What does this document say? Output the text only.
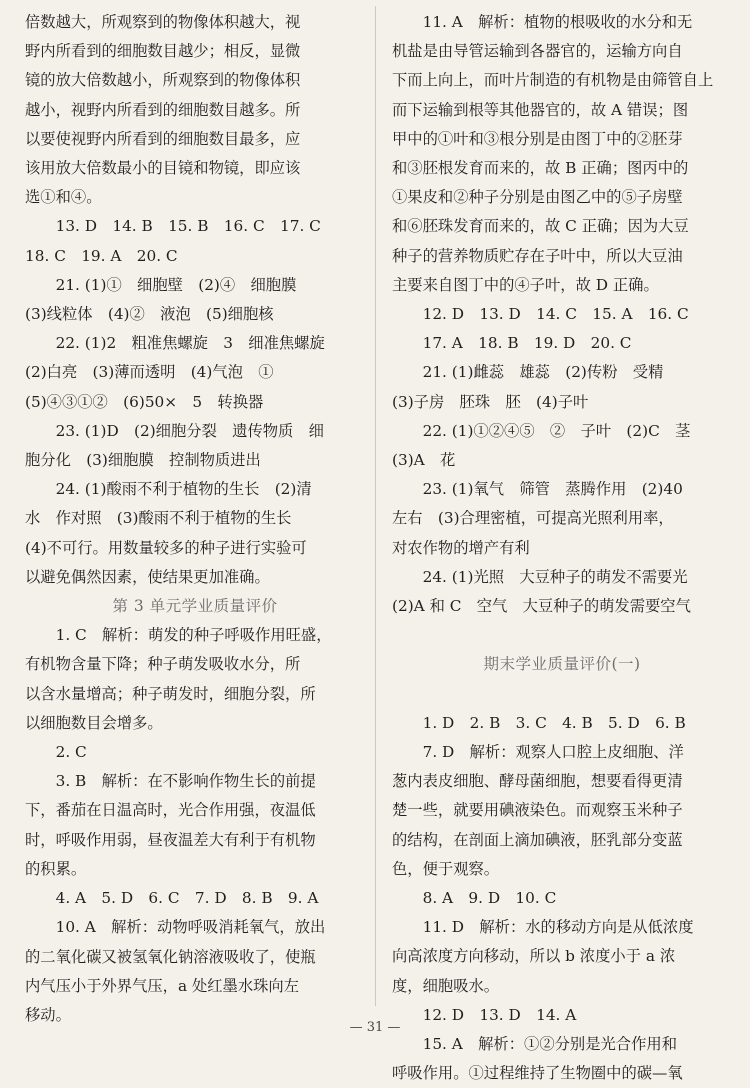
倍数越大，所观察到的物像体积越大，视

野内所看到的细胞数目越少；相反，显微

镜的放大倍数越小，所观察到的物像体积

越小，视野内所看到的细胞数目越多。所

以要使视野内所看到的细胞数目最多，应

该用放大倍数最小的目镜和物镜，即应该

选①和④。

13. D　14. B　15. B　16. C　17. C

18. C　19. A　20. C

21. (1)①　细胞壁　(2)④　细胞膜

(3)线粒体　(4)②　液泡　(5)细胞核

22. (1)2　粗准焦螺旋　3　细准焦螺旋

(2)白亮　(3)薄而透明　(4)气泡　①

(5)④③①②　(6)50×　5　转换器

23. (1)D　(2)细胞分裂　遗传物质　细

胞分化　(3)细胞膜　控制物质进出

24. (1)酸雨不利于植物的生长　(2)清

水　作对照　(3)酸雨不利于植物的生长

(4)不可行。用数量较多的种子进行实验可

以避免偶然因素，使结果更加准确。

第 3 单元学业质量评价

1. C　解析：萌发的种子呼吸作用旺盛，

有机物含量下降；种子萌发吸收水分，所

以含水量增高；种子萌发时，细胞分裂，所

以细胞数目会增多。

2. C

3. B　解析：在不影响作物生长的前提

下，番茄在日温高时，光合作用强，夜温低

时，呼吸作用弱，昼夜温差大有利于有机物

的积累。

4. A　5. D　6. C　7. D　8. B　9. A

10. A　解析：动物呼吸消耗氧气，放出

的二氧化碳又被氢氧化钠溶液吸收了，使瓶

内气压小于外界气压，a 处红墨水珠向左

移动。

11. A　解析：植物的根吸收的水分和无

机盐是由导管运输到各器官的，运输方向自

下而上向上，而叶片制造的有机物是由筛管自上

而下运输到根等其他器官的，故 A 错误；图

甲中的①叶和③根分别是由图丁中的②胚芽

和③胚根发育而来的，故 B 正确；图丙中的

①果皮和②种子分别是由图乙中的⑤子房壁

和⑥胚珠发育而来的，故 C 正确；因为大豆

种子的营养物质贮存在子叶中，所以大豆油

主要来自图丁中的④子叶，故 D 正确。

12. D　13. D　14. C　15. A　16. C

17. A　18. B　19. D　20. C

21. (1)雌蕊　雄蕊　(2)传粉　受精

(3)子房　胚珠　胚　(4)子叶

22. (1)①②④⑤　②　子叶　(2)C　茎

(3)A　花

23. (1)氧气　筛管　蒸腾作用　(2)40

左右　(3)合理密植，可提高光照利用率，

对农作物的增产有利

24. (1)光照　大豆种子的萌发不需要光

(2)A 和 C　空气　大豆种子的萌发需要空气

期末学业质量评价(一)

1. D　2. B　3. C　4. B　5. D　6. B

7. D　解析：观察人口腔上皮细胞、洋

葱内表皮细胞、酵母菌细胞，想要看得更清

楚一些，就要用碘液染色。而观察玉米种子

的结构，在剖面上滴加碘液，胚乳部分变蓝

色，便于观察。

8. A　9. D　10. C

11. D　解析：水的移动方向是从低浓度

向高浓度方向移动，所以 b 浓度小于 a 浓

度，细胞吸水。

12. D　13. D　14. A

15. A　解析：①②分别是光合作用和

呼吸作用。①过程维持了生物圈中的碳—氧

— 31 —
